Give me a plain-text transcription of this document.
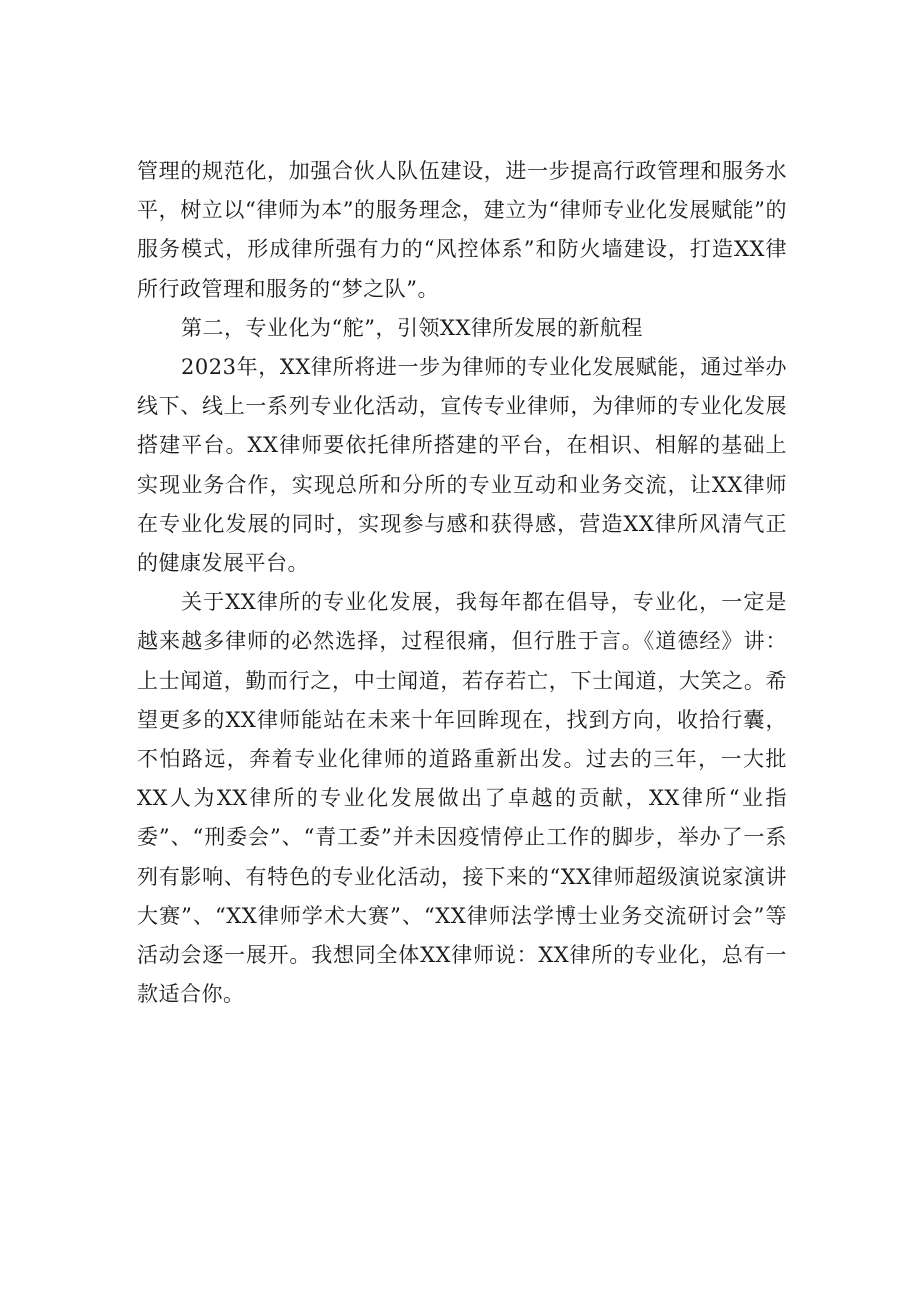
管理的规范化，加强合伙人队伍建设，进一步提高行政管理和服务水平，树立以“律师为本”的服务理念，建立为“律师专业化发展赋能”的服务模式，形成律所强有力的“风控体系”和防火墙建设，打造XX律所行政管理和服务的“梦之队”。

第二，专业化为“舵”，引领XX律所发展的新航程

2023年，XX律所将进一步为律师的专业化发展赋能，通过举办线下、线上一系列专业化活动，宣传专业律师，为律师的专业化发展搭建平台。XX律师要依托律所搭建的平台，在相识、相解的基础上实现业务合作，实现总所和分所的专业互动和业务交流，让XX律师在专业化发展的同时，实现参与感和获得感，营造XX律所风清气正的健康发展平台。

关于XX律所的专业化发展，我每年都在倡导，专业化，一定是越来越多律师的必然选择，过程很痛，但行胜于言。《道德经》讲：上士闻道，勤而行之，中士闻道，若存若亡，下士闻道，大笑之。希望更多的XX律师能站在未来十年回眸现在，找到方向，收拾行囊，不怕路远，奔着专业化律师的道路重新出发。过去的三年，一大批XX人为XX律所的专业化发展做出了卓越的贡献，XX律所“业指委”、“刑委会”、“青工委”并未因疫情停止工作的脚步，举办了一系列有影响、有特色的专业化活动，接下来的“XX律师超级演说家演讲大赛”、“XX律师学术大赛”、“XX律师法学博士业务交流研讨会”等活动会逐一展开。我想同全体XX律师说：XX律所的专业化，总有一款适合你。
